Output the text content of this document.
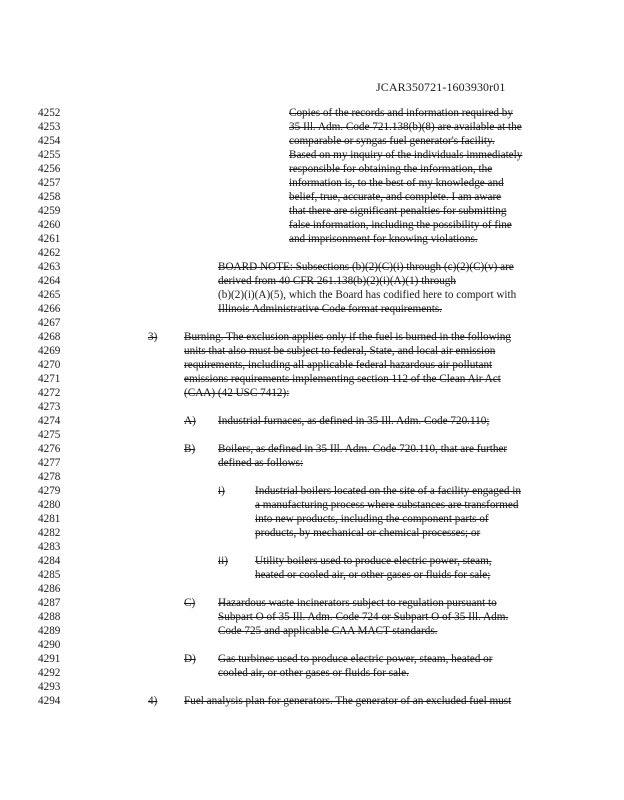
JCAR350721-1603930r01
4252
4253
4254
4255
4256
4257
4258
4259
4260
4261
4262
4263
4264
4265
4266
4267
4268
4269
4270
4271
4272
4273
4274
4275
4276
4277
4278
4279
4280
4281
4282
4283
4284
4285
4286
4287
4288
4289
4290
4291
4292
4293
4294
Copies of the records and information required by
35 Ill. Adm. Code 721.138(b)(8) are available at the
comparable or syngas fuel generator's facility.
Based on my inquiry of the individuals immediately
responsible for obtaining the information, the
information is, to the best of my knowledge and
belief, true, accurate, and complete. I am aware
that there are significant penalties for submitting
false information, including the possibility of fine
and imprisonment for knowing violations.
BOARD NOTE: Subsections (b)(2)(C)(i) through (c)(2)(C)(v) are
derived from 40 CFR 261.138(b)(2)(i)(A)(1) through
(b)(2)(i)(A)(5), which the Board has codified here to comport with
Illinois Administrative Code format requirements.
3) Burning. The exclusion applies only if the fuel is burned in the following
units that also must be subject to federal, State, and local air emission
requirements, including all applicable federal hazardous air pollutant
emissions requirements implementing section 112 of the Clean Air Act
(CAA) (42 USC 7412):
A) Industrial furnaces, as defined in 35 Ill. Adm. Code 720.110;
B) Boilers, as defined in 35 Ill. Adm. Code 720.110, that are further
defined as follows:
i)	Industrial boilers located on the site of a facility engaged in
a manufacturing process where substances are transformed
into new products, including the component parts of
products, by mechanical or chemical processes; or
ii) Utility boilers used to produce electric power, steam,
heated or cooled air, or other gases or fluids for sale;
C) Hazardous waste incinerators subject to regulation pursuant to
Subpart O of 35 Ill. Adm. Code 724 or Subpart O of 35 Ill. Adm.
Code 725 and applicable CAA MACT standards.
D) Gas turbines used to produce electric power, steam, heated or
cooled air, or other gases or fluids for sale.
4) Fuel analysis plan for generators. The generator of an excluded fuel must
